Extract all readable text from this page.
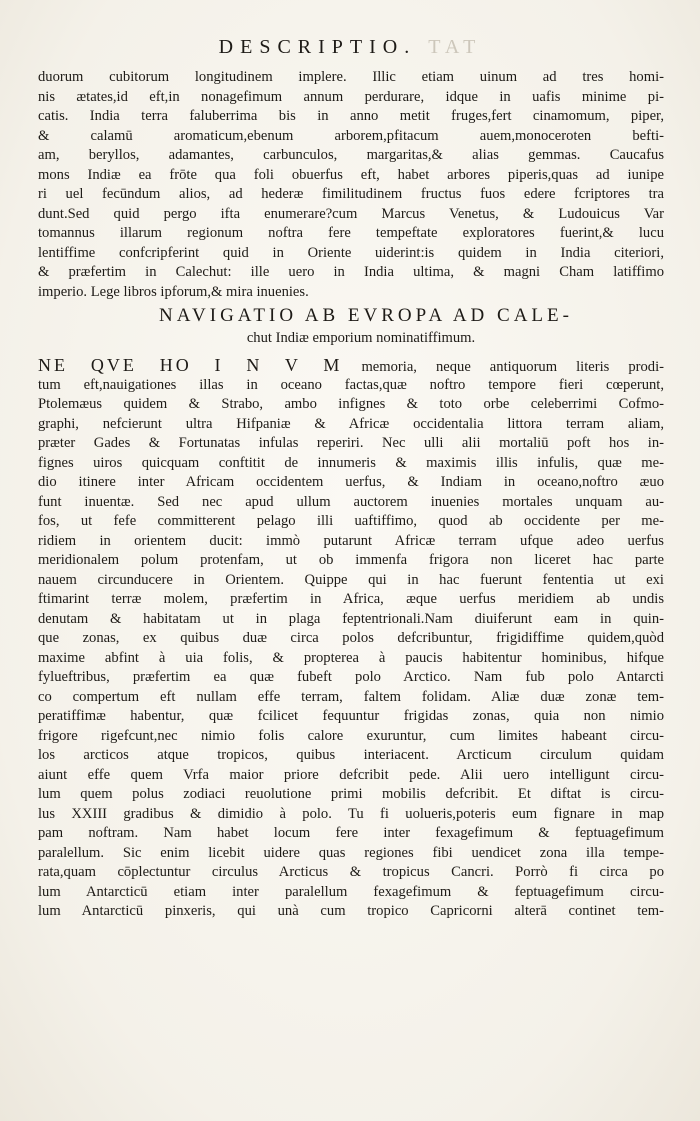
DESCRIPTIO. TAT
duorum cubitorum longitudinem implere. Illic etiam uinum ad tres homi-
nis ætates,id eft,in nonagefimum annum perdurare, idque in uafis minime pi-
catis. India terra faluberrima bis in anno metit fruges,fert cinamomum, piper,
& calamū aromaticum,ebenum arborem,pfitacum auem,monoceroten befti-
am, beryllos, adamantes, carbunculos, margaritas,& alias gemmas. Caucafus
mons Indiæ ea frōte qua foli obuerfus eft, habet arbores piperis,quas ad iunipe
ri uel fecūndum alios, ad hederæ fimilitudinem fructus fuos edere fcriptores tra
dunt.Sed quid pergo ifta enumerare?cum Marcus Venetus, & Ludouicus Var
tomannus illarum regionum noftra fere tempeftate exploratores fuerint,& lucu
lentiffime confcripferint quid in Oriente uiderint:is quidem in India citeriori,
& præfertim in Calechut: ille uero in India ultima, & magni Cham latiffimo
imperio. Lege libros ipforum,& mira inuenies.
NAVIGATIO AB EVROPA AD CALE-
chut Indiæ emporium nominatiffimum.
NE QVE HO I N V M memoria, neque antiquorum literis prodi-
tum eft,nauigationes illas in oceano factas,quæ noftro tempore fieri cœperunt,
Ptolemæus quidem & Strabo, ambo infignes & toto orbe celeberrimi Cofmo-
graphi, nefcierunt ultra Hifpaniæ & Africæ occidentalia littora terram aliam,
præter Gades & Fortunatas infulas reperiri. Nec ulli alii mortaliū poft hos in-
fignes uiros quicquam conftitit de innumeris & maximis illis infulis, quæ me-
dio itinere inter Africam occidentem uerfus, & Indiam in oceano,noftro æuo
funt inuentæ. Sed nec apud ullum auctorem inuenies mortales unquam au-
fos, ut fefe committerent pelago illi uaftiffimo, quod ab occidente per me-
ridiem in orientem ducit: immò putarunt Africæ terram ufque adeo uerfus
meridionalem polum protenfam, ut ob immenfa frigora non liceret hac parte
nauem circunducere in Orientem. Quippe qui in hac fuerunt fententia ut exi
ftimarint terræ molem, præfertim in Africa, æque uerfus meridiem ab undis
denutam & habitatam ut in plaga feptentrionali.Nam diuiferunt eam in quin-
que zonas, ex quibus duæ circa polos defcribuntur, frigidiffime quidem,quòd
maxime abfint à uia folis, & propterea à paucis habitentur hominibus, hifque
fylueftribus, præfertim ea quæ fubeft polo Arctico. Nam fub polo Antarcti
co compertum eft nullam effe terram, faltem folidam. Aliæ duæ zonæ tem-
peratiffimæ habentur, quæ fcilicet fequuntur frigidas zonas, quia non nimio
frigore rigefcunt,nec nimio folis calore exuruntur, cum limites habeant circu-
los arcticos atque tropicos, quibus interiacent. Arcticum circulum quidam
aiunt effe quem Vrfa maior priore defcribit pede. Alii uero intelligunt circu-
lum quem polus zodiaci reuolutione primi mobilis defcribit. Et diftat is circu-
lus XXIII gradibus & dimidio à polo. Tu fi uolueris,poteris eum fignare in map
pam noftram. Nam habet locum fere inter fexagefimum & feptuagefimum
paralellum. Sic enim licebit uidere quas regiones fibi uendicet zona illa tempe-
rata,quam cōplectuntur circulus Arcticus & tropicus Cancri. Porrò fi circa po
lum Antarcticū etiam inter paralellum fexagefimum & feptuagefimum circu-
lum Antarcticū pinxeris, qui unà cum tropico Capricorni alterā continet tem-
